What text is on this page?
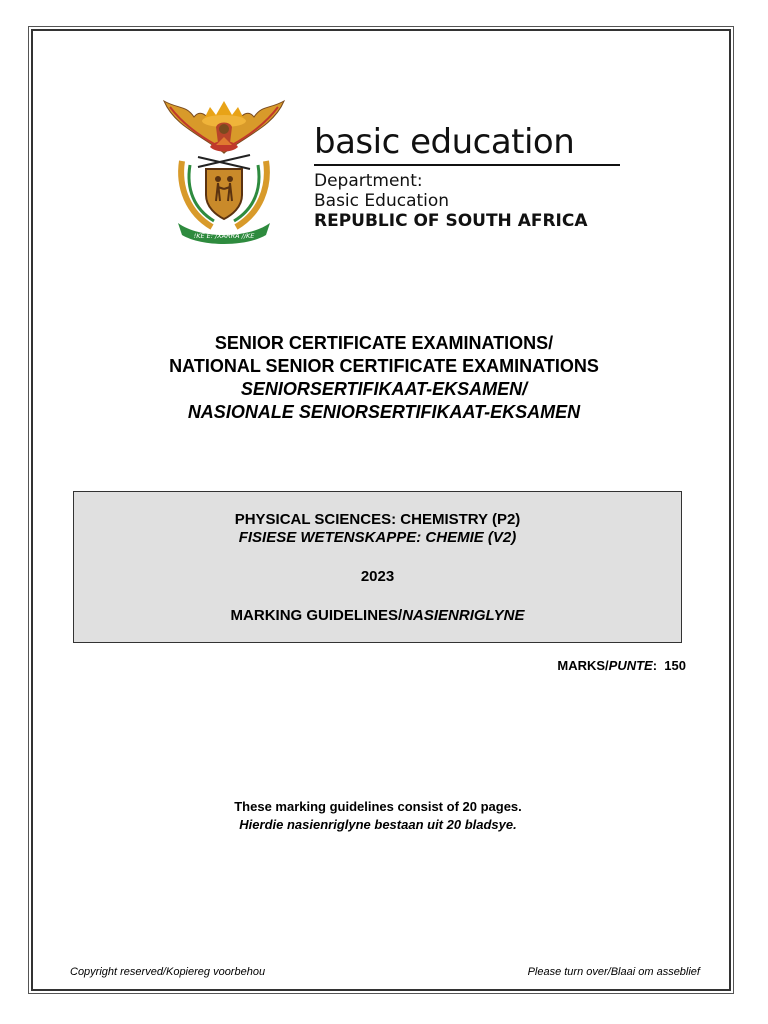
!KE E: /XARRA //KE
basic education
Department:
Basic Education
REPUBLIC OF SOUTH AFRICA
SENIOR CERTIFICATE EXAMINATIONS/
NATIONAL SENIOR CERTIFICATE EXAMINATIONS
SENIORSERTIFIKAAT-EKSAMEN/
NASIONALE SENIORSERTIFIKAAT-EKSAMEN
PHYSICAL SCIENCES: CHEMISTRY (P2)
FISIESE WETENSKAPPE: CHEMIE (V2)
2023
MARKING GUIDELINES/NASIENRIGLYNE
MARKS/PUNTE:  150
These marking guidelines consist of 20 pages.
Hierdie nasienriglyne bestaan uit 20 bladsye.
Copyright reserved/Kopiereg voorbehou	Please turn over/Blaai om asseblief
